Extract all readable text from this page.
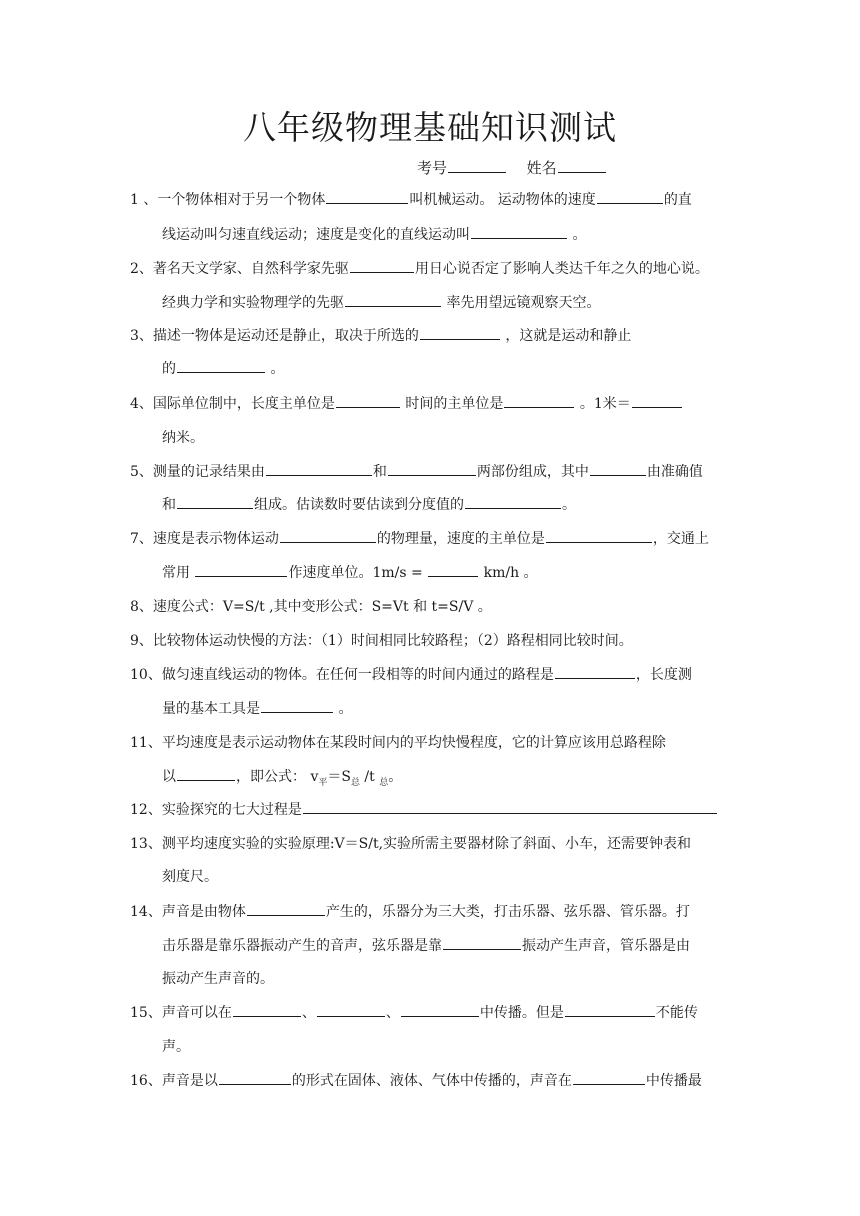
八年级物理基础知识测试
考号	姓名
1 、一个物体相对于另一个物体	叫机械运动。 运动物体的速度	的直
线运动叫匀速直线运动；速度是变化的直线运动叫	。
2、著名天文学家、自然科学家先驱	用日心说否定了影响人类达千年之久的地心说。
经典力学和实验物理学的先驱	率先用望远镜观察天空。
3、描述一物体是运动还是静止，取决于所选的	，这就是运动和静止
的	。
4、国际单位制中，长度主单位是	时间的主单位是	。1米＝
纳米。
5、测量的记录结果由	和	两部份组成，其中	由准确值
和	组成。估读数时要估读到分度值的	。
7、速度是表示物体运动	的物理量，速度的主单位是	，交通上
常用	作速度单位。1m/s =	km/h 。
8、速度公式：V=S/t ,其中变形公式：S=Vt 和 t=S/V 。
9、比较物体运动快慢的方法：（1）时间相同比较路程；（2）路程相同比较时间。
10、做匀速直线运动的物体。在任何一段相等的时间内通过的路程是	，长度测
量的基本工具是	。
11、平均速度是表示运动物体在某段时间内的平均快慢程度，它的计算应该用总路程除
以	，即公式： $v_平=S_总$ /t $_总$。
12、实验探究的七大过程是
13、测平均速度实验的实验原理:V＝S/t,实验所需主要器材除了斜面、小车，还需要钟表和
刻度尺。
14、声音是由物体	产生的，乐器分为三大类，打击乐器、弦乐器、管乐器。打
击乐器是靠乐器振动产生的音声，弦乐器是靠	振动产生声音，管乐器是由
振动产生声音的。
15、声音可以在	、	、	中传播。但是	不能传
声。
16、声音是以	的形式在固体、液体、气体中传播的，声音在	中传播最
